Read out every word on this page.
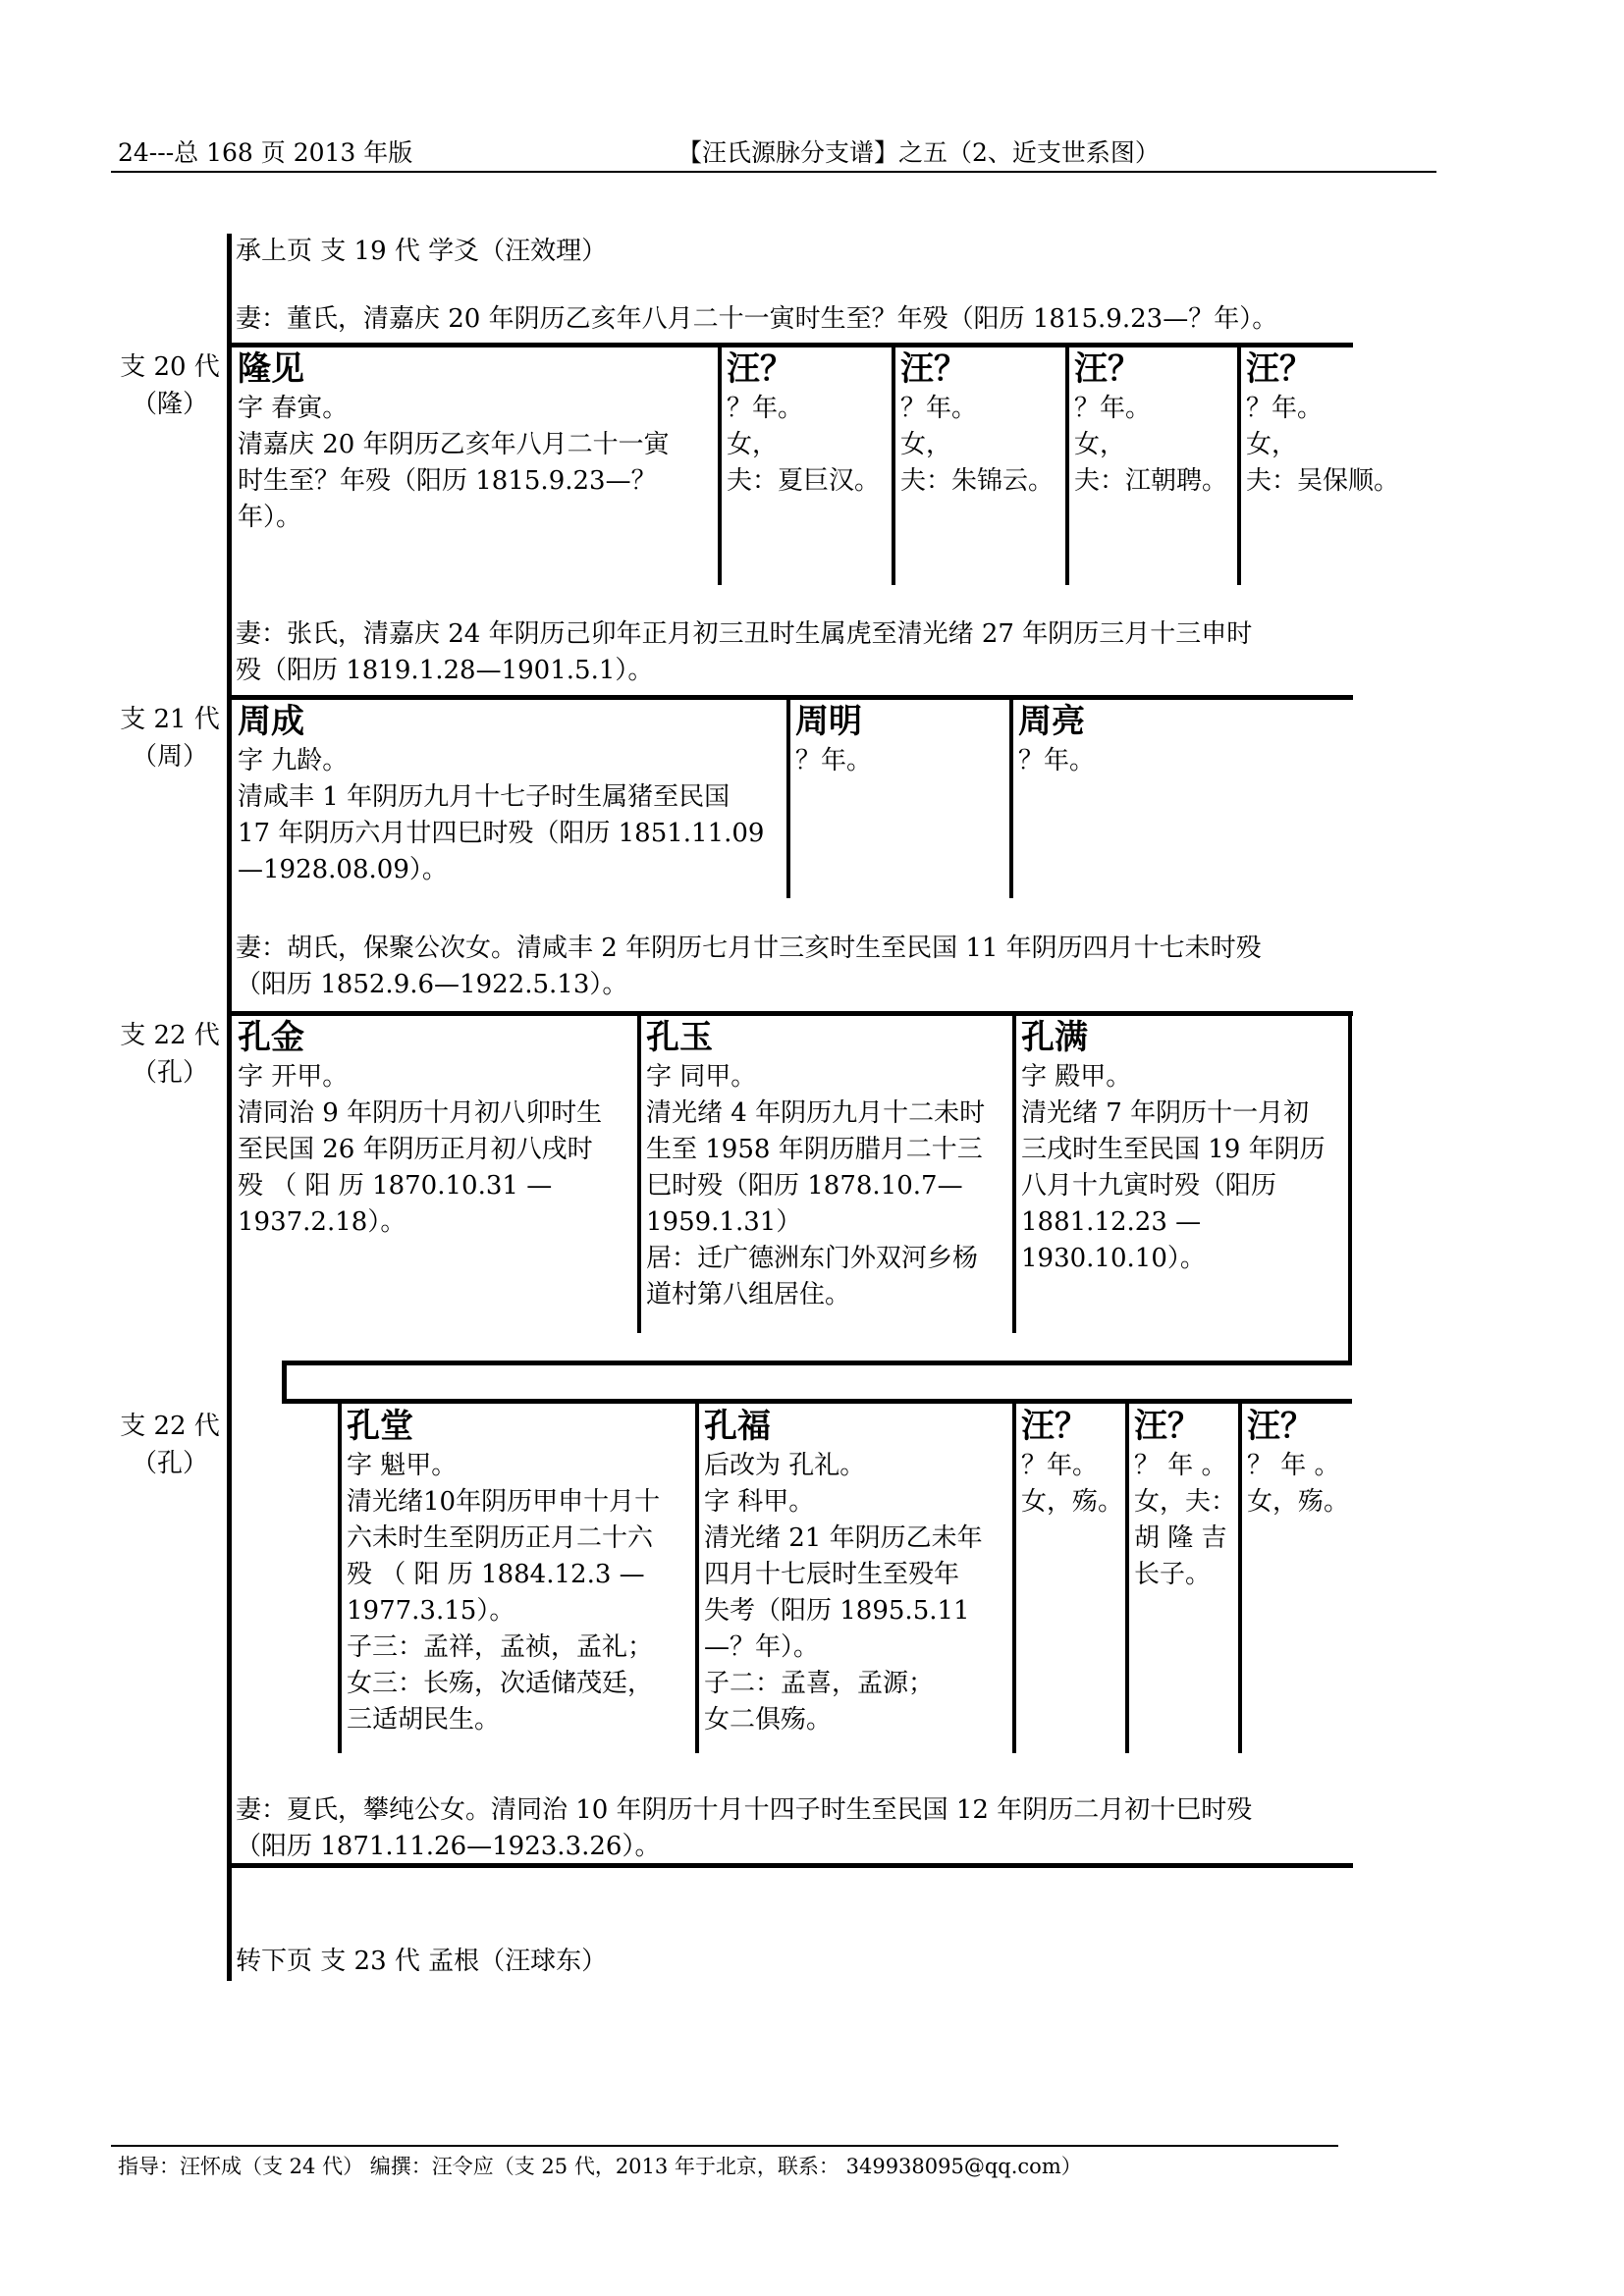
24---总 168 页 2013 年版	【汪氏源脉分支谱】之五（2、近支世系图）
承上页 支 19 代 学爻（汪效理）
妻：董氏，清嘉庆 20 年阴历乙亥年八月二十一寅时生至？年殁（阳历 1815.9.23—？年）。
支 20 代
（隆）
隆见
字 春寅。
清嘉庆 20 年阴历乙亥年八月二十一寅
时生至？年殁（阳历 1815.9.23—？
年）。
汪？
？年。
女，
夫：夏巨汉。
汪？
？年。
女，
夫：朱锦云。
汪？
？年。
女，
夫：江朝聘。
汪？
？年。
女，
夫：吴保顺。
妻：张氏，清嘉庆 24 年阴历己卯年正月初三丑时生属虎至清光绪 27 年阴历三月十三申时
殁（阳历 1819.1.28—1901.5.1）。
支 21 代
（周）
周成
字 九龄。
清咸丰 1 年阴历九月十七子时生属猪至民国
17 年阴历六月廿四巳时殁（阳历 1851.11.09
—1928.08.09）。
周明
？年。
周亮
？年。
妻：胡氏，保聚公次女。清咸丰 2 年阴历七月廿三亥时生至民国 11 年阴历四月十七未时殁
（阳历 1852.9.6—1922.5.13）。
支 22 代
（孔）
孔金
字 开甲。
清同治 9 年阴历十月初八卯时生
至民国 26 年阴历正月初八戌时
殁 （ 阳 历 1870.10.31 —
1937.2.18）。
孔玉
字 同甲。
清光绪 4 年阴历九月十二未时
生至 1958 年阴历腊月二十三
巳时殁（阳历 1878.10.7—
1959.1.31）
居：迁广德洲东门外双河乡杨
道村第八组居住。
孔满
字 殿甲。
清光绪 7 年阴历十一月初
三戌时生至民国 19 年阴历
八月十九寅时殁（阳历
1881.12.23 —
1930.10.10）。
支 22 代
（孔）
孔堂
字 魁甲。
清光绪10年阴历甲申十月十
六未时生至阴历正月二十六
殁 （ 阳 历 1884.12.3 —
1977.3.15）。
子三：孟祥，孟祯，孟礼；
女三：长殇，次适储茂廷，
三适胡民生。
孔福
后改为 孔礼。
字 科甲。
清光绪 21 年阴历乙未年
四月十七辰时生至殁年
失考（阳历 1895.5.11
—？年）。
子二：孟喜，孟源；
女二俱殇。
汪？
？年。
女，殇。
汪？
？ 年 。
女，夫：
胡 隆 吉
长子。
汪？
？ 年 。
女，殇。
妻：夏氏，攀纯公女。清同治 10 年阴历十月十四子时生至民国 12 年阴历二月初十巳时殁
（阳历 1871.11.26—1923.3.26）。
转下页 支 23 代 孟根（汪球东）
指导：汪怀成（支 24 代） 编撰：汪令应（支 25 代，2013 年于北京，联系： 349938095@qq.com）
